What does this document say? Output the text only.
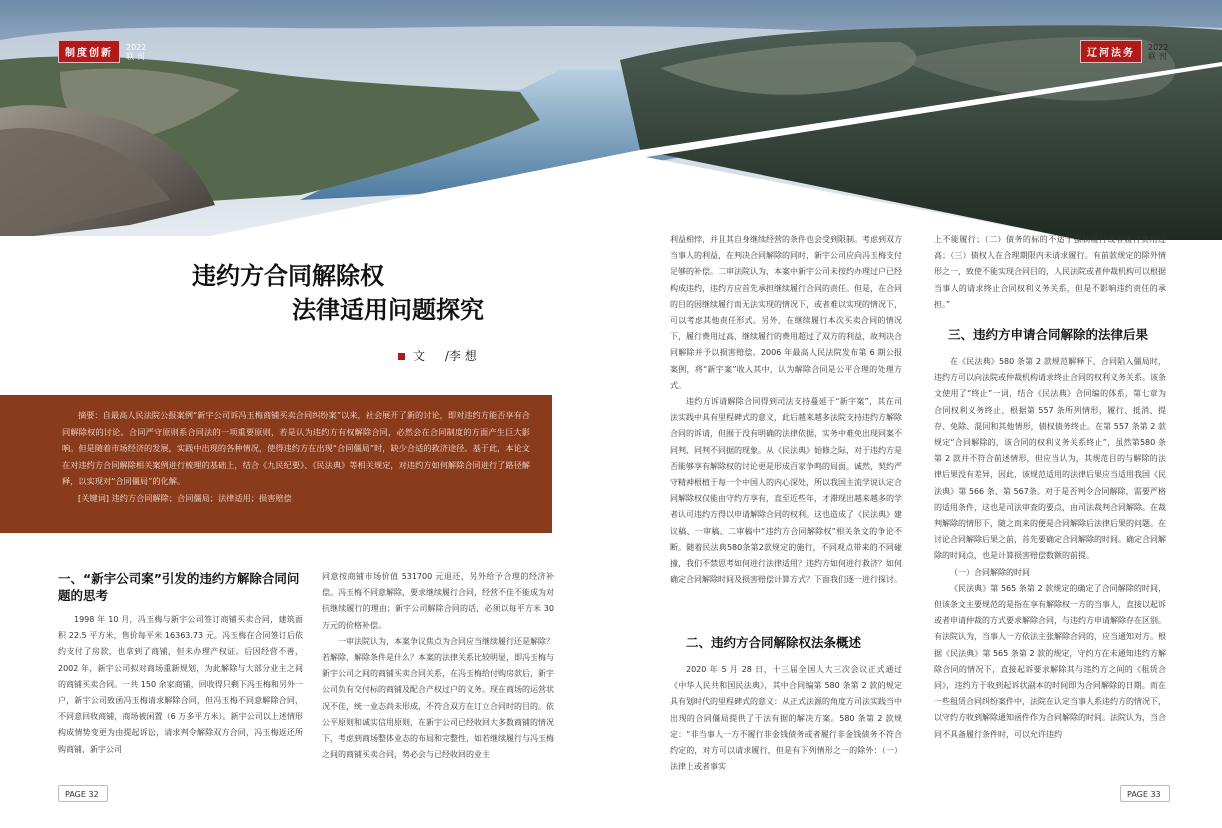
制度创新
2022
联 刊	辽河法务
2022
联 刊
违约方合同解除权
法律适用问题探究
文 /李 想

摘要：自最高人民法院公报案例“新宇公司诉冯玉梅商铺买卖合同纠纷案”以来，社会展开了新的讨论，即对违约方能否享有合同解除权的讨论。合同严守原则系合同法的一项重要原则，若是认为违约方有权解除合同，必然会在合同制度的方面产生巨大影响。但是随着市场经济的发展，实践中出现的各种情况，使得违约方在出现“合同僵局”时，缺少合适的救济途径。基于此，本论文在对违约方合同解除相关案例进行梳理的基础上，结合《九民纪要》、《民法典》等相关规定，对违约方如何解除合同进行了路径解释，以实现对“合同僵局”的化解。

[关键词] 违约方合同解除；合同僵局；法律适用；损害赔偿

一、“新宇公司案”引发的违约方解除合同问题的思考

1998 年 10 月，冯玉梅与新宇公司签订商铺买卖合同，建筑面积 22.5 平方米，售价每平米 16363.73 元。冯玉梅在合同签订后依约支付了房款，也拿到了商铺，但未办理产权证。后因经营不善，2002 年，新宇公司拟对商场重新规划，为此解除与大部分业主之间的商铺买卖合同。一共 150 余家商铺，回收得只剩下冯玉梅和另外一户，新宇公司致函冯玉梅请求解除合同，但冯玉梅不同意解除合同，不同意回收商铺，商场被闲置（6 万多平方米）。新宇公司以上述情形构成情势变更为由提起诉讼，请求判令解除双方合同，冯玉梅返还所购商铺，新宇公司

同意按商铺市场价值 531700 元退还，另外给予合理的经济补偿。冯玉梅不同意解除，要求继续履行合同，经营不佳不能成为对抗继续履行的理由；新宇公司解除合同的话，必须以每平方米 30 万元的价格补偿。

一审法院认为，本案争议焦点为合同应当继续履行还是解除？若解除，解除条件是什么？本案的法律关系比较明显，即冯玉梅与新宇公司之间的商铺买卖合同关系，在冯玉梅给付购房款后，新宇公司负有交付标的商铺及配合产权过户的义务。现在商场的运营状况不佳，统一业态尚未形成，不符合双方在订立合同时的目的。依公平原则和诚实信用原则，在新宇公司已经收回大多数商铺的情况下，考虑到商场整体业态的布局和完整性，如若继续履行与冯玉梅之间的商铺买卖合同，势必会与已经收回的业主

利益相悖，并且其自身继续经营的条件也会受到限制。考虑到双方当事人的利益，在判决合同解除的同时，新宇公司应向冯玉梅支付足够的补偿。二审法院认为，本案中新宇公司未按约办理过户已经构成违约，违约方应首先承担继续履行合同的责任。但是，在合同的目的因继续履行而无法实现的情况下，或者难以实现的情况下，可以考虑其他责任形式。另外，在继续履行本次买卖合同的情况下，履行费用过高，继续履行的费用超过了双方的利益，故判决合同解除并予以损害赔偿。2006 年最高人民法院发布第 6 期公报案例，将“新宇案”收入其中，认为解除合同是公平合理的处理方式。

违约方诉请解除合同得到司法支持蔓延于“新宇案”，其在司法实践中具有里程碑式的意义，此后越来越多法院支持违约方解除合同的诉请，但囿于没有明确的法律依据，实务中难免出现同案不同判、同判不同据的现象。从《民法典》始修之际，对于违约方是否能够享有解除权的讨论更是形成百家争鸣的局面。诚然，契约严守精神根植于每一个中国人的内心深处，所以我国主流学说认定合同解除权仅能由守约方享有，直至近些年，才滞现出越来越多的学者认可违约方得以申请解除合同的权利。这也造成了《民法典》建议稿、一审稿、二审稿中“违约方合同解除权”相关条文的争论不断。随着民法典580条第2款规定的施行，不同观点带来的不同碰撞，我们不禁思考如何进行法律适用？违约方如何进行救济？如何确定合同解除时间及损害赔偿计算方式？下面我们逐一进行探讨。

二、违约方合同解除权法条概述

2020 年 5 月 28 日，十三届全国人大三次会议正式通过《中华人民共和国民法典》，其中合同编第 580 条第 2 款的规定具有划时代的里程碑式的意义：从正式法源的角度方司法实践当中出现的合同僵局提供了于法有据的解决方案。580 条第 2 款规定：“非当事人一方不履行非金钱债务或者履行非金钱债务不符合约定的，对方可以请求履行，但是有下列情形之一的除外：（一）法律上或者事实

上不能履行；（二）债务的标的不适于强制履行或者履行费用过高；（三）债权人在合理期限内未请求履行。有前款规定的除外情形之一，致使不能实现合同目的，人民法院或者仲裁机构可以根据当事人的请求终止合同权利义务关系，但是不影响违约责任的承担。”

三、违约方申请合同解除的法律后果

在《民法典》580 条第 2 款规范解释下，合同陷入僵局时，违约方可以向法院或仲裁机构请求终止合同的权利义务关系。该条文使用了“终止”一词，结合《民法典》合同编的体系，第七章为合同权利义务终止，根据第 557 条所列情形，履行、抵消、提存、免除、混同和其他情形，债权债务终止。在第 557 条第 2 款规定“合同解除的，该合同的权利义务关系终止”，虽然第580 条第 2 款并不符合前述情形，但应当认为，其规范目的与解除的法律后果没有差异，因此，该规范适用的法律后果应当适用我国《民法典》第 566 条、第 567条。对于是否判令合同解除，需要严格的适用条件，这也是司法审查的要点，由司法裁判合同解除。在裁判解除的情形下，随之而来的便是合同解除后法律后果的问题。在讨论合同解除后果之前，首先要确定合同解除的时间。确定合同解除的时间点，也是计算损害赔偿数额的前提。

（一）合同解除的时间

《民法典》第 565 条第 2 款规定的确定了合同解除的时间，但该条文主要规范的是指在享有解除权一方的当事人，直接以起诉或者申请仲裁的方式要求解除合同，与违约方申请解除存在区别。有法院认为，当事人一方依法主张解除合同的，应当通知对方。根据《民法典》第 565 条第 2 款的规定，守约方在未通知违约方解除合同的情况下，直接起诉要求解除其与违约方之间的《租赁合同》，违约方于收到起诉状副本的时间即为合同解除的日期。而在一些租赁合同纠纷案件中，法院在认定当事人系违约方的情况下，以守约方收到解除通知函件作为合同解除的时间。法院认为，当合同不具备履行条件时，可以允许违约

PAGE 32	PAGE 33
